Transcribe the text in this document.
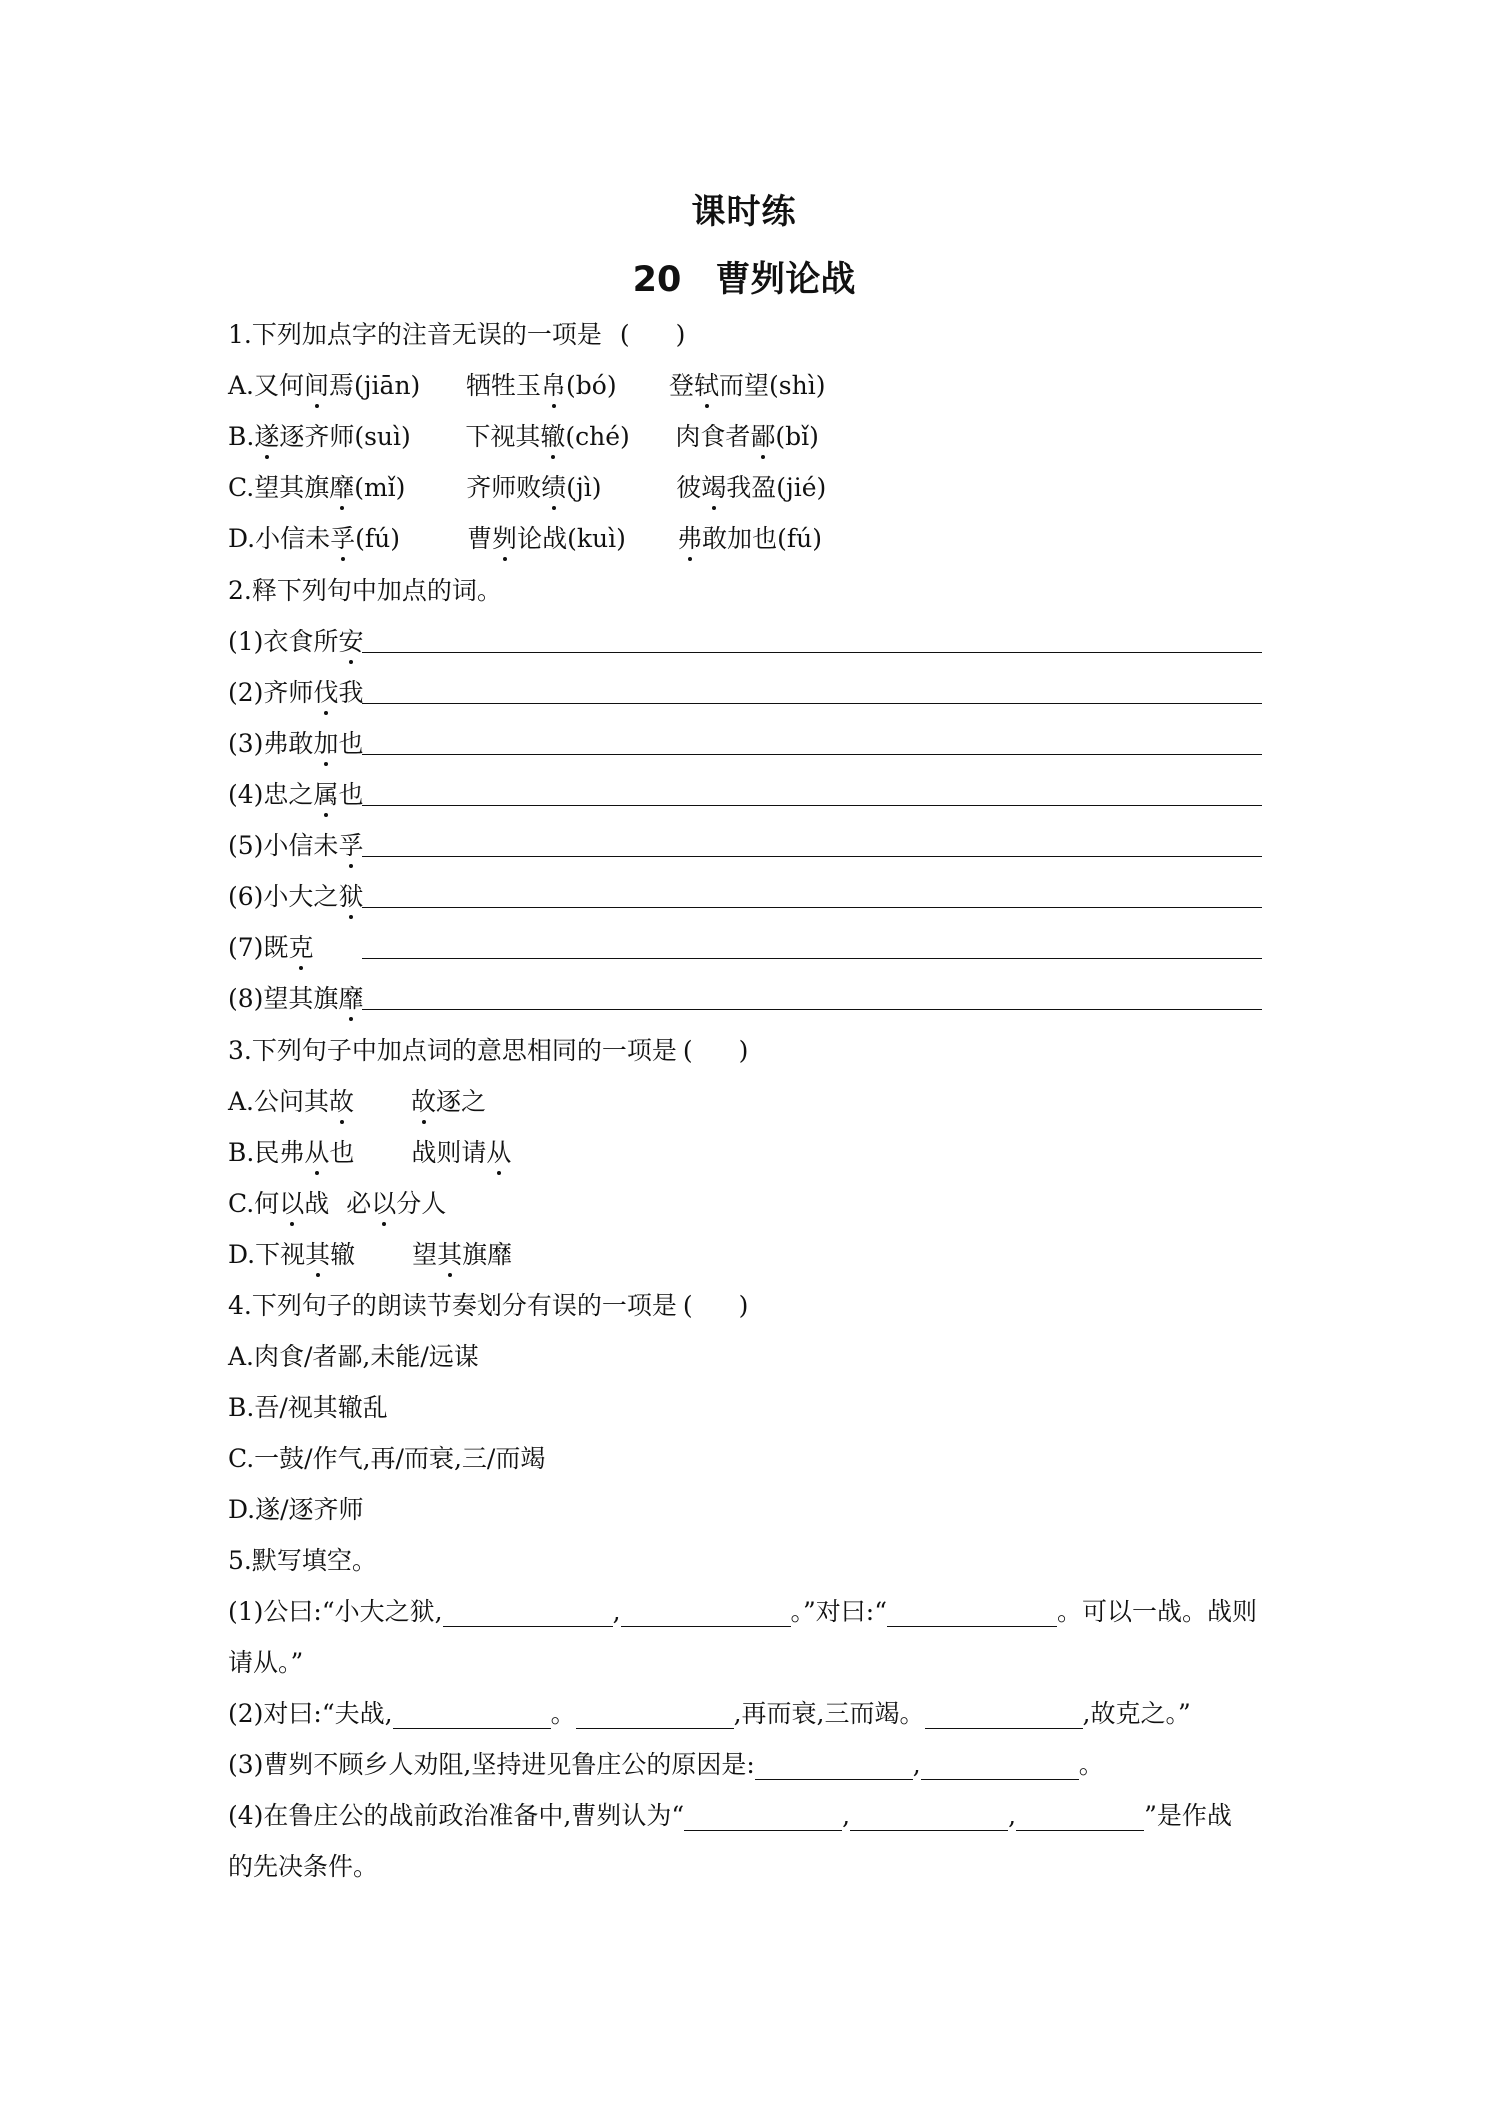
课时练
20 曹刿论战
1.下列加点字的注音无误的一项是 ( )
A.又何间焉(jiān) 牺牲玉帛(bó) 登轼而望(shì)
B.遂逐齐师(suì) 下视其辙(ché) 肉食者鄙(bǐ)
C.望其旗靡(mǐ) 齐师败绩(jì)	彼竭我盈(jié)
D.小信未孚(fú)	曹刿论战(kuì) 弗敢加也(fú)
2.释下列句中加点的词。
(1)衣食所安
(2)齐师伐我
(3)弗敢加也
(4)忠之属也
(5)小信未孚
(6)小大之狱
(7)既克
(8)望其旗靡
3.下列句子中加点词的意思相同的一项是 ( )
A.公问其故 故逐之
B.民弗从也 战则请从
C.何以战 必以分人
D.下视其辙 望其旗靡
4.下列句子的朗读节奏划分有误的一项是 ( )
A.肉食/者鄙,未能/远谋
B.吾/视其辙乱
C.一鼓/作气,再/而衰,三/而竭
D.遂/逐齐师
5.默写填空。
(1)公曰:“小大之狱,	,	。”对曰:“	。可以一战。战则
请从。”
(2)对曰:“夫战,	。	,再而衰,三而竭。	,故克之。”
(3)曹刿不顾乡人劝阻,坚持进见鲁庄公的原因是:	,	。
(4)在鲁庄公的战前政治准备中,曹刿认为“	,	,	”是作战
的先决条件。
